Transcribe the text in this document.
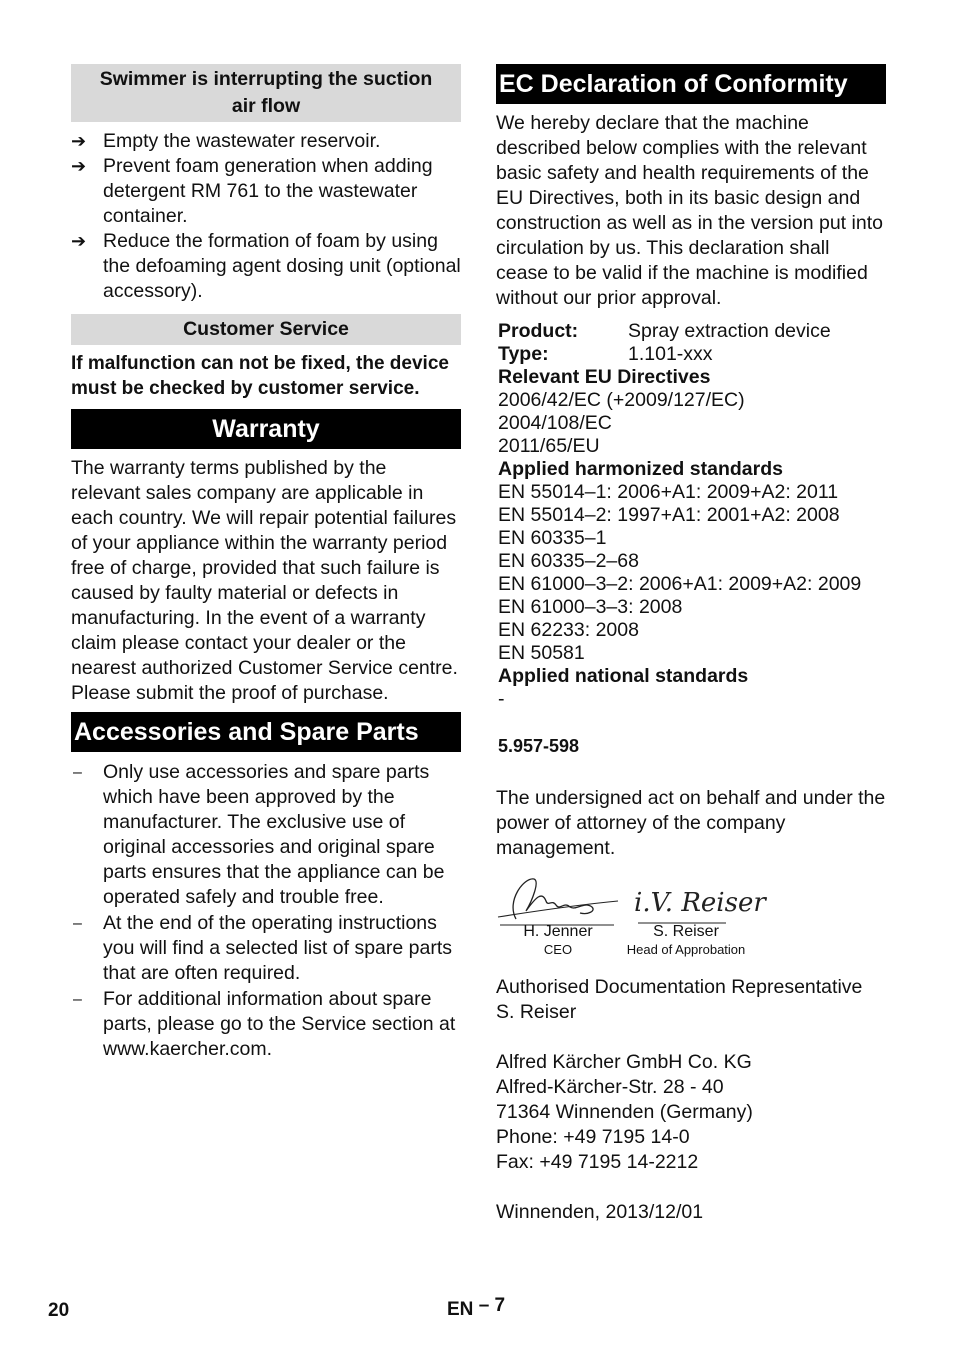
Swimmer is interrupting the suction
air flow
➔ Empty the wastewater reservoir.
➔ Prevent foam generation when adding detergent RM 761 to the wastewater container.
➔ Reduce the formation of foam by using the defoaming agent dosing unit (optional accessory).
Customer Service

If malfunction can not be fixed, the device must be checked by customer service.

Warranty

The warranty terms published by the relevant sales company are applicable in each country. We will repair potential failures of your appliance within the warranty period free of charge, provided that such failure is caused by faulty material or defects in manufacturing. In the event of a warranty claim please contact your dealer or the nearest authorized Customer Service centre. Please submit the proof of purchase.

Accessories and Spare Parts
– Only use accessories and spare parts which have been approved by the manufacturer. The exclusive use of original accessories and original spare parts ensures that the appliance can be operated safely and trouble free.
– At the end of the operating instructions you will find a selected list of spare parts that are often required.
– For additional information about spare parts, please go to the Service section at www.kaercher.com.
EC Declaration of Conformity

We hereby declare that the machine described below complies with the relevant basic safety and health requirements of the EU Directives, both in its basic design and construction as well as in the version put into circulation by us. This declaration shall cease to be valid if the machine is modified without our prior approval.

Product:	Spray extraction device
Type:	1.101-xxx
Relevant EU Directives
2006/42/EC (+2009/127/EC)
2004/108/EC
2011/65/EU
Applied harmonized standards
EN 55014–1: 2006+A1: 2009+A2: 2011
EN 55014–2: 1997+A1: 2001+A2: 2008
EN 60335–1
EN 60335–2–68
EN 61000–3–2: 2006+A1: 2009+A2: 2009
EN 61000–3–3: 2008
EN 62233: 2008
EN 50581
Applied national standards
-
5.957-598

The undersigned act on behalf and under the power of attorney of the company management.

H. Jenner
CEO
i.V. Reiser
S. Reiser
Head of Approbation
Authorised Documentation Representative
S. Reiser
Alfred Kärcher GmbH Co. KG
Alfred-Kärcher-Str. 28 - 40
71364 Winnenden (Germany)
Phone: +49 7195 14-0
Fax: +49 7195 14-2212
Winnenden, 2013/12/01
20	EN – 7
